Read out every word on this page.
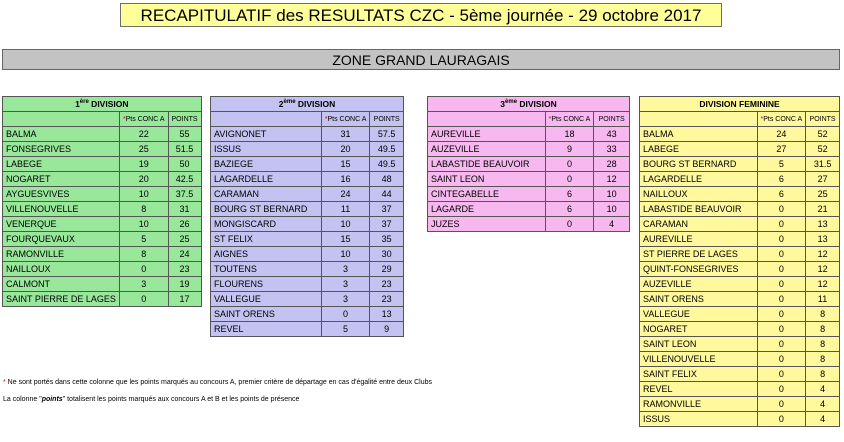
RECAPITULATIF des RESULTATS CZC - 5ème journée - 29 octobre 2017
ZONE GRAND LAURAGAIS
1ère DIVISION		
	*Pts CONC A	POINTS
BALMA	22	55
FONSEGRIVES	25	51.5
LABEGE	19	50
NOGARET	20	42.5
AYGUESVIVES	10	37.5
VILLENOUVELLE	8	31
VENERQUE	10	26
FOURQUEVAUX	5	25
RAMONVILLE	8	24
NAILLOUX	0	23
CALMONT	3	19
SAINT PIERRE DE LAGES	0	17
2ème DIVISION		
	*Pts CONC A	POINTS
AVIGNONET	31	57.5
ISSUS	20	49.5
BAZIEGE	15	49.5
LAGARDELLE	16	48
CARAMAN	24	44
BOURG ST BERNARD	11	37
MONGISCARD	10	37
ST FELIX	15	35
AIGNES	10	30
TOUTENS	3	29
FLOURENS	3	23
VALLEGUE	3	23
SAINT ORENS	0	13
REVEL	5	9
3ème DIVISION		
	*Pts CONC A	POINTS
AUREVILLE	18	43
AUZEVILLE	9	33
LABASTIDE BEAUVOIR	0	28
SAINT LEON	0	12
CINTEGABELLE	6	10
LAGARDE	6	10
JUZES	0	4
DIVISION FEMININE		
	*Pts CONC A	POINTS
BALMA	24	52
LABEGE	27	52
BOURG ST BERNARD	5	31.5
LAGARDELLE	6	27
NAILLOUX	6	25
LABASTIDE BEAUVOIR	0	21
CARAMAN	0	13
AUREVILLE	0	13
ST PIERRE DE LAGES	0	12
QUINT-FONSEGRIVES	0	12
AUZEVILLE	0	12
SAINT ORENS	0	11
VALLEGUE	0	8
NOGARET	0	8
SAINT LEON	0	8
VILLENOUVELLE	0	8
SAINT FELIX	0	8
REVEL	0	4
RAMONVILLE	0	4
ISSUS	0	4
* Ne sont portés dans cette colonne que les points marqués au concours A, premier critère de départage en cas d'égalité entre deux Clubs
La colonne "points" totalisent les points marqués aux concours A et B et les points de présence
